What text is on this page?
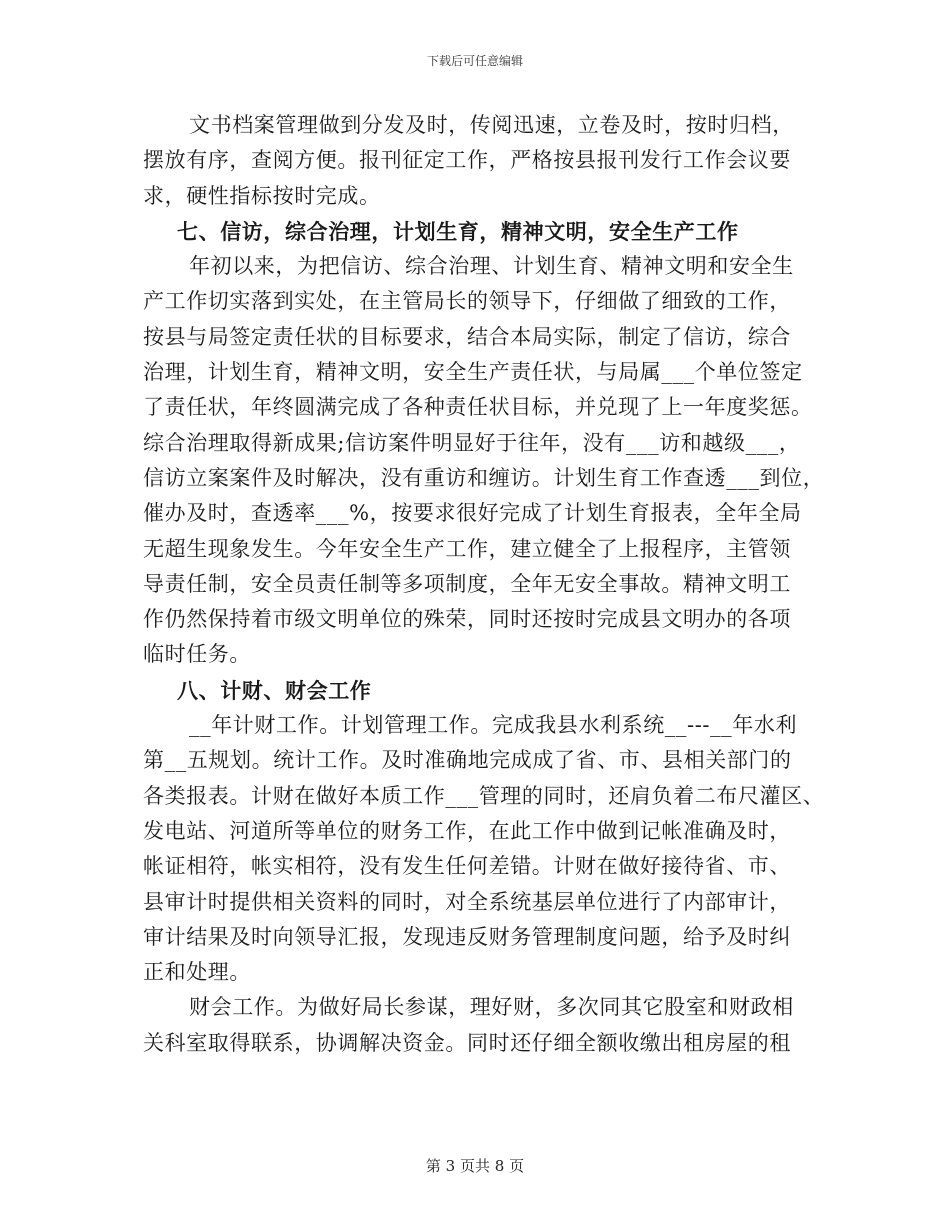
下载后可任意编辑
文书档案管理做到分发及时，传阅迅速，立卷及时，按时归档，
摆放有序，查阅方便。报刊征定工作，严格按县报刊发行工作会议要
求，硬性指标按时完成。
七、信访，综合治理，计划生育，精神文明，安全生产工作
年初以来，为把信访、综合治理、计划生育、精神文明和安全生
产工作切实落到实处，在主管局长的领导下，仔细做了细致的工作，
按县与局签定责任状的目标要求，结合本局实际，制定了信访，综合
治理，计划生育，精神文明，安全生产责任状，与局属___个单位签定
了责任状，年终圆满完成了各种责任状目标，并兑现了上一年度奖惩。
综合治理取得新成果;信访案件明显好于往年，没有___访和越级___，
信访立案案件及时解决，没有重访和缠访。计划生育工作查透___到位，
催办及时，查透率___%，按要求很好完成了计划生育报表，全年全局
无超生现象发生。今年安全生产工作，建立健全了上报程序，主管领
导责任制，安全员责任制等多项制度，全年无安全事故。精神文明工
作仍然保持着市级文明单位的殊荣，同时还按时完成县文明办的各项
临时任务。
八、计财、财会工作
__年计财工作。计划管理工作。完成我县水利系统__---__年水利
第__五规划。统计工作。及时准确地完成成了省、市、县相关部门的
各类报表。计财在做好本质工作___管理的同时，还肩负着二布尺灌区、
发电站、河道所等单位的财务工作，在此工作中做到记帐准确及时，
帐证相符，帐实相符，没有发生任何差错。计财在做好接待省、市、
县审计时提供相关资料的同时，对全系统基层单位进行了内部审计，
审计结果及时向领导汇报，发现违反财务管理制度问题，给予及时纠
正和处理。
财会工作。为做好局长参谋，理好财，多次同其它股室和财政相
关科室取得联系，协调解决资金。同时还仔细全额收缴出租房屋的租
第 3 页共 8 页
